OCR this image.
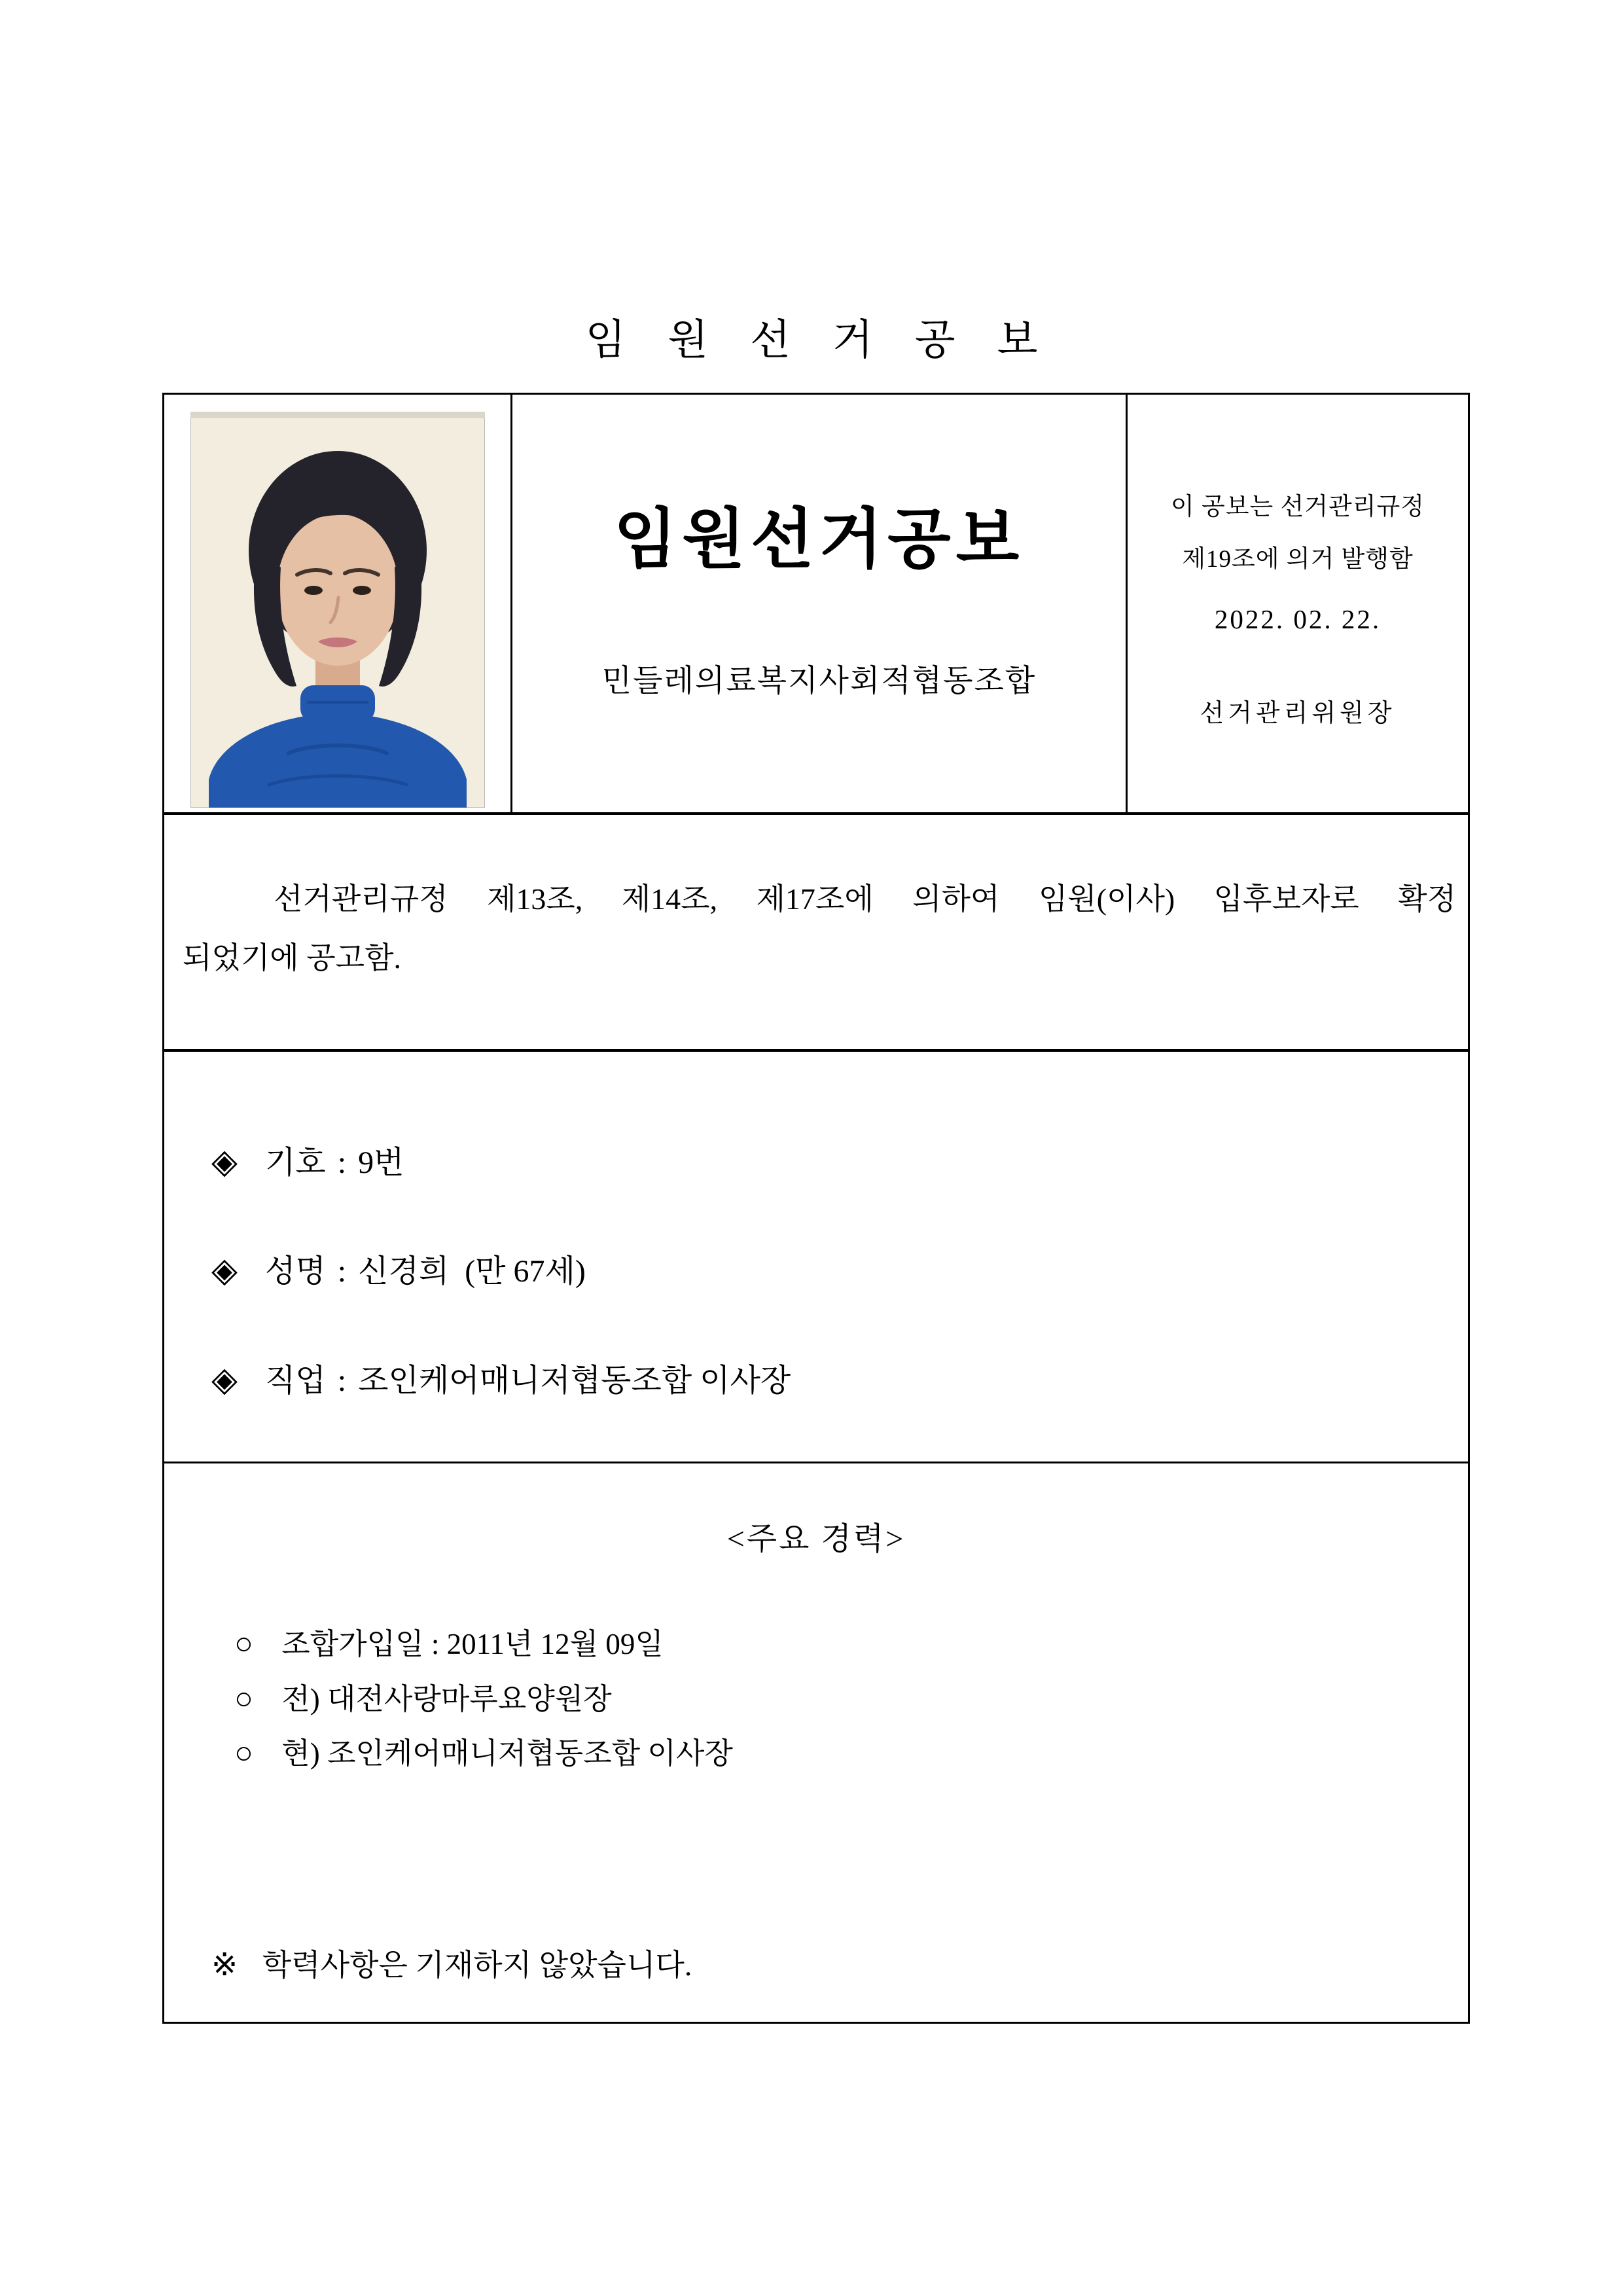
임 원 선 거 공 보
임원선거공보
민들레의료복지사회적협동조합
이 공보는 선거관리규정
제19조에 의거 발행함
2022. 02. 22.
선거관리위원장

선거관리규정 제13조, 제14조, 제17조에 의하여 임원(이사) 입후보자로 확정

되었기에 공고함.

◈ 기호 : 9번
◈ 성명 : 신경희  (만 67세)
◈ 직업 : 조인케어매니저협동조합 이사장
<주요 경력>
○ 조합가입일 : 2011년 12월 09일
○ 전) 대전사랑마루요양원장
○ 현) 조인케어매니저협동조합 이사장
※ 학력사항은 기재하지 않았습니다.
